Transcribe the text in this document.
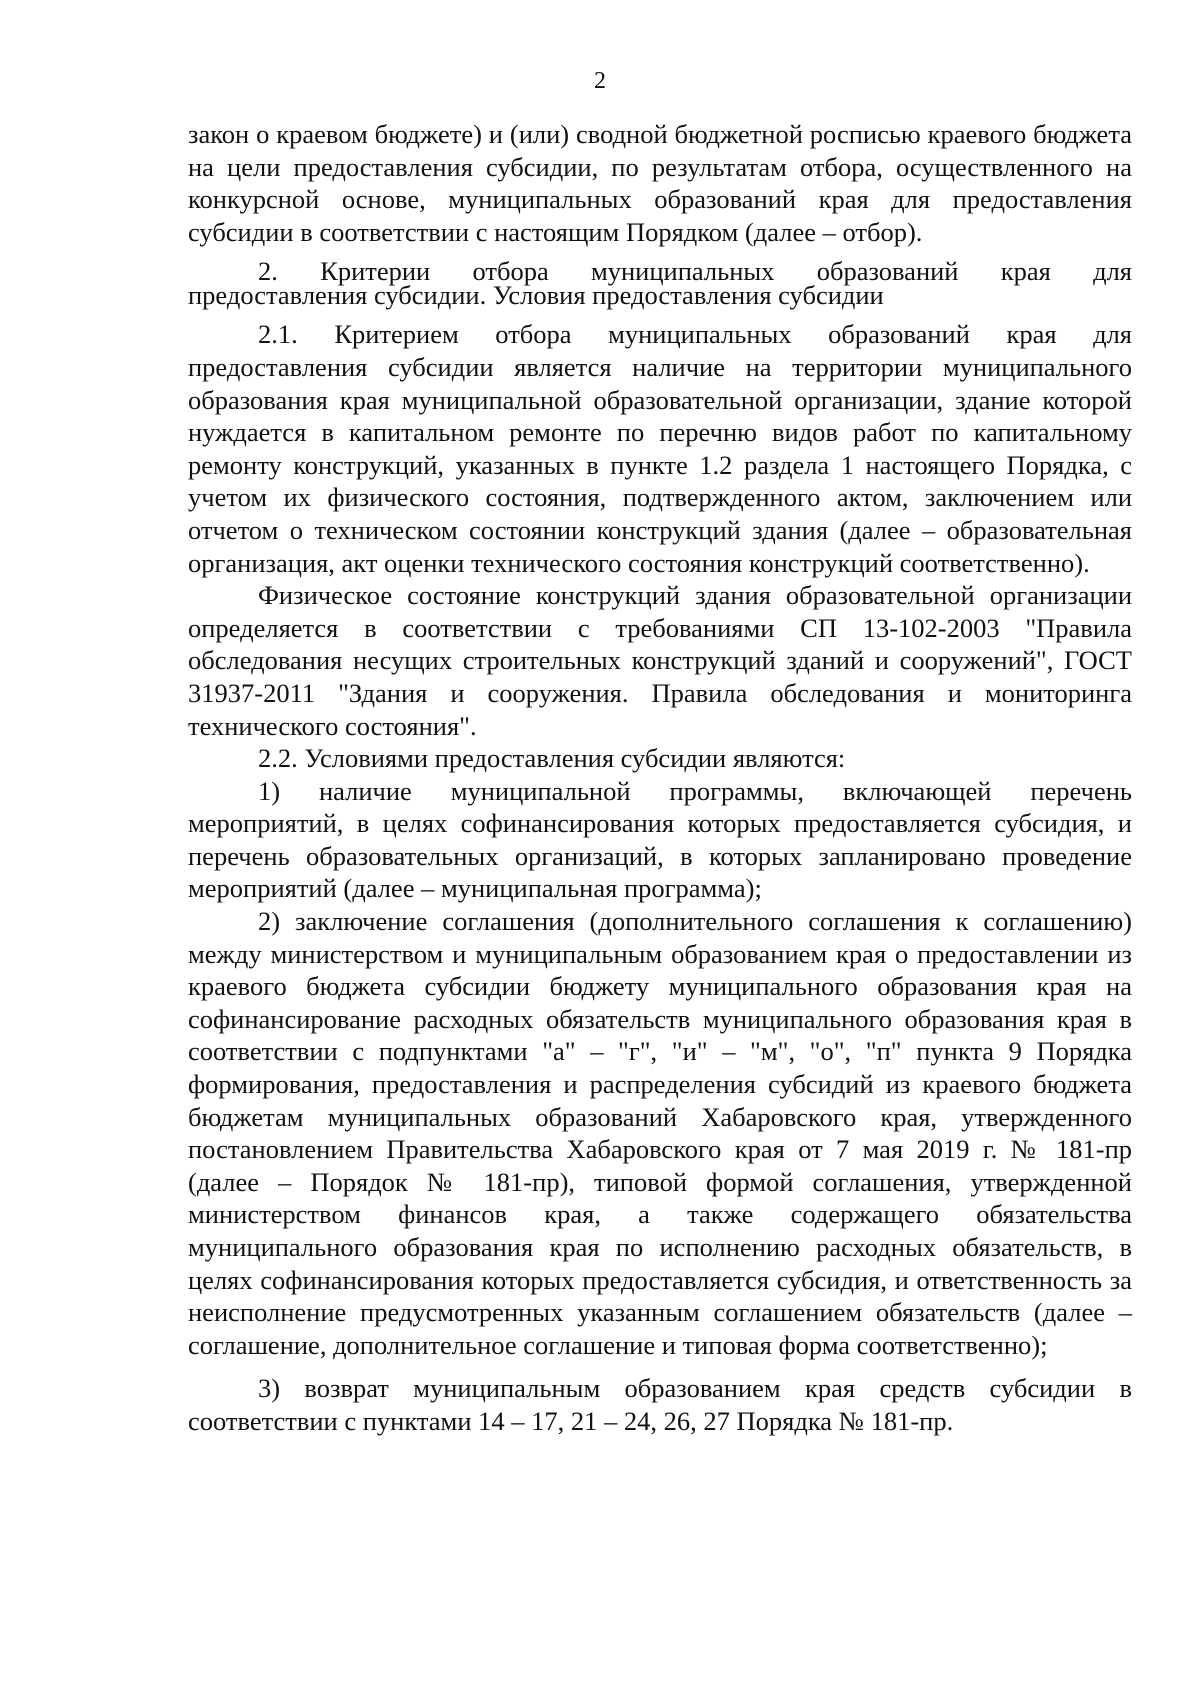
2

закон о краевом бюджете) и (или) сводной бюджетной росписью краевого бюджета на цели предоставления субсидии, по результатам отбора, осуществленного на конкурсной основе, муниципальных образований края для предоставления субсидии в соответствии с настоящим Порядком (далее – отбор).

2. Критерии отбора муниципальных образований края для

предоставления субсидии. Условия предоставления субсидии

2.1. Критерием отбора муниципальных образований края для предоставления субсидии является наличие на территории муниципального образования края муниципальной образовательной организации, здание которой нуждается в капитальном ремонте по перечню видов работ по капитальному ремонту конструкций, указанных в пункте 1.2 раздела 1 настоящего Порядка, с учетом их физического состояния, подтвержденного актом, заключением или отчетом о техническом состоянии конструкций здания (далее – образовательная организация, акт оценки технического состояния конструкций соответственно).

Физическое состояние конструкций здания образовательной организации определяется в соответствии с требованиями СП 13-102-2003 "Правила обследования несущих строительных конструкций зданий и сооружений", ГОСТ 31937-2011 "Здания и сооружения. Правила обследования и мониторинга технического состояния".

2.2. Условиями предоставления субсидии являются:

1) наличие муниципальной программы, включающей перечень мероприятий, в целях софинансирования которых предоставляется субсидия, и перечень образовательных организаций, в которых запланировано проведение мероприятий (далее – муниципальная программа);

2) заключение соглашения (дополнительного соглашения к соглашению) между министерством и муниципальным образованием края о предоставлении из краевого бюджета субсидии бюджету муниципального образования края на софинансирование расходных обязательств муниципального образования края в соответствии с подпунктами "а" – "г", "и" – "м", "о", "п" пункта 9 Порядка формирования, предоставления и распределения субсидий из краевого бюджета бюджетам муниципальных образований Хабаровского края, утвержденного постановлением Правительства Хабаровского края от 7 мая 2019 г. № 181-пр (далее – Порядок № 181-пр), типовой формой соглашения, утвержденной министерством финансов края, а также содержащего обязательства муниципального образования края по исполнению расходных обязательств, в целях софинансирования которых предоставляется субсидия, и ответственность за неисполнение предусмотренных указанным соглашением обязательств (далее – соглашение, дополнительное соглашение и типовая форма соответственно);

3) возврат муниципальным образованием края средств субсидии в соответствии с пунктами 14 – 17, 21 – 24, 26, 27 Порядка № 181-пр.
